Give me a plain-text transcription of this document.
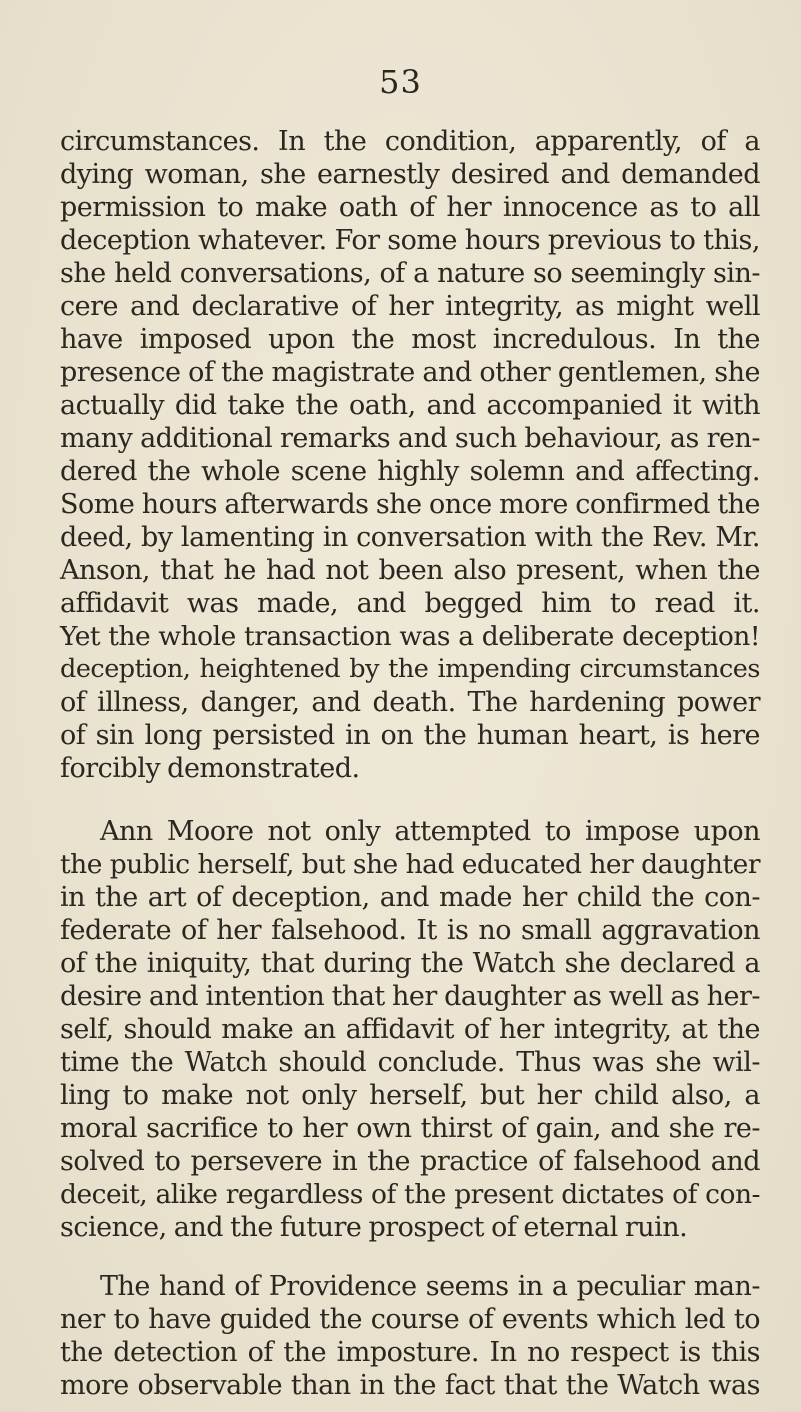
53
circumstances. In the condition, apparently, of a
dying woman, she earnestly desired and demanded
permission to make oath of her innocence as to all
deception whatever. For some hours previous to this,
she held conversations, of a nature so seemingly sin-
cere and declarative of her integrity, as might well
have imposed upon the most incredulous. In the
presence of the magistrate and other gentlemen, she
actually did take the oath, and accompanied it with
many additional remarks and such behaviour, as ren-
dered the whole scene highly solemn and affecting.
Some hours afterwards she once more confirmed the
deed, by lamenting in conversation with the Rev. Mr.
Anson, that he had not been also present, when the
affidavit was made, and begged him to read it.
Yet the whole transaction was a deliberate deception!
deception, heightened by the impending circumstances
of illness, danger, and death. The hardening power
of sin long persisted in on the human heart, is here
forcibly demonstrated.
Ann Moore not only attempted to impose upon
the public herself, but she had educated her daughter
in the art of deception, and made her child the con-
federate of her falsehood. It is no small aggravation
of the iniquity, that during the Watch she declared a
desire and intention that her daughter as well as her-
self, should make an affidavit of her integrity, at the
time the Watch should conclude. Thus was she wil-
ling to make not only herself, but her child also, a
moral sacrifice to her own thirst of gain, and she re-
solved to persevere in the practice of falsehood and
deceit, alike regardless of the present dictates of con-
science, and the future prospect of eternal ruin.
The hand of Providence seems in a peculiar man-
ner to have guided the course of events which led to
the detection of the imposture. In no respect is this
more observable than in the fact that the Watch was
